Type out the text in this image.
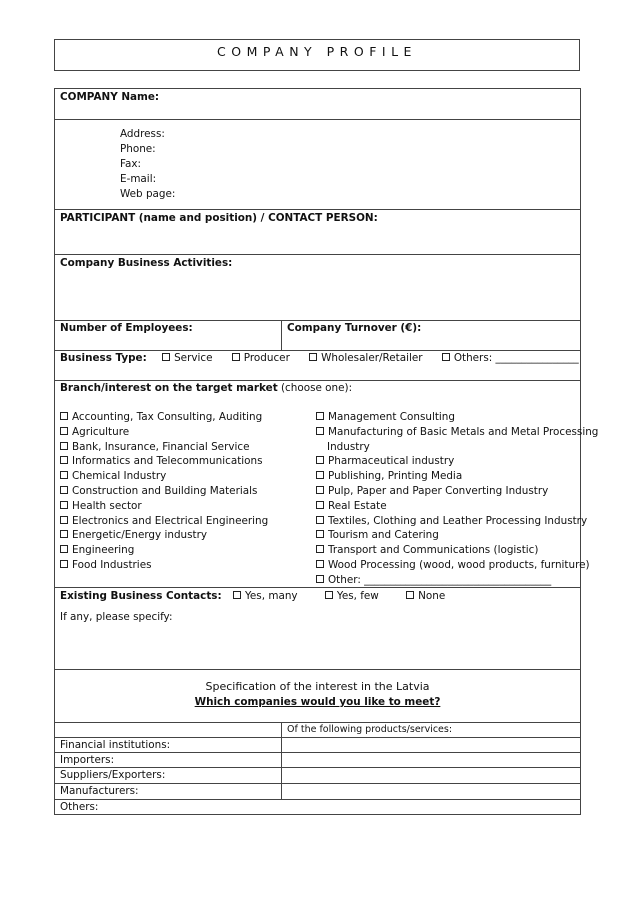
COMPANY PROFILE
COMPANY Name:
Address:
Phone:
Fax:
E-mail:
Web page:
PARTICIPANT (name and position) / CONTACT PERSON:
Company Business Activities:
Number of Employees:	Company Turnover (€):
Business Type:	Service	Producer	Wholesaler/Retailer	Others: ________________
Branch/interest on the target market (choose one):
Accounting, Tax Consulting, Auditing
Agriculture
Bank, Insurance, Financial Service
Informatics and Telecommunications
Chemical Industry
Construction and Building Materials
Health sector
Electronics and Electrical Engineering
Energetic/Energy industry
Engineering
Food Industries
Management Consulting
Manufacturing of Basic Metals and Metal Processing
Industry
Pharmaceutical industry
Publishing, Printing Media
Pulp, Paper and Paper Converting Industry
Real Estate
Textiles, Clothing and Leather Processing Industry
Tourism and Catering
Transport and Communications (logistic)
Wood Processing (wood, wood products, furniture)
Other: ____________________________________
Existing Business Contacts: Yes, many	Yes, few	None
If any, please specify:
Specification of the interest in the Latvia
Which companies would you like to meet?
Of the following products/services:
Financial institutions:
Importers:
Suppliers/Exporters:
Manufacturers:
Others:
